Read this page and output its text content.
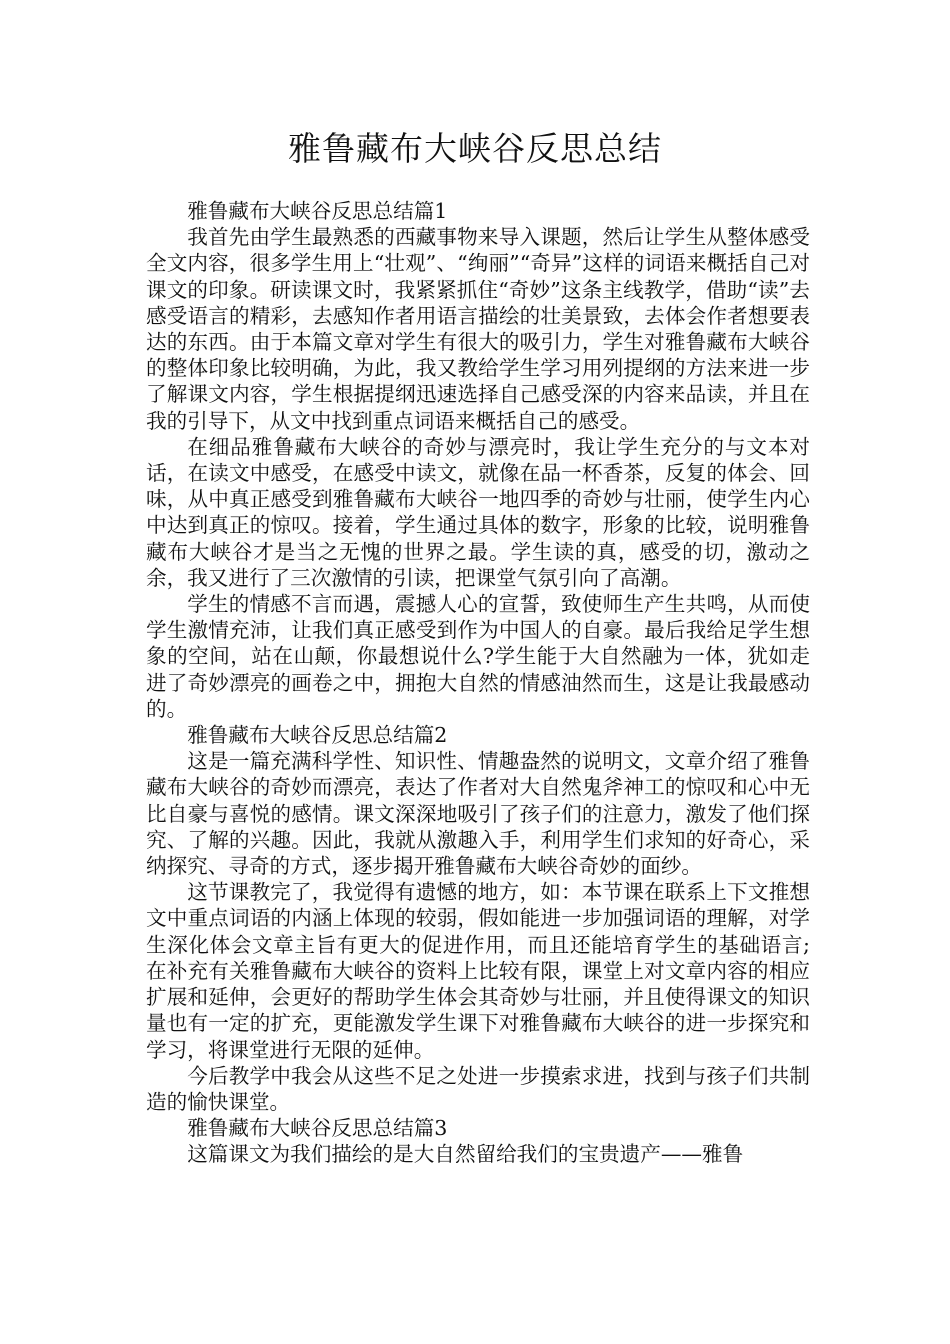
雅鲁藏布大峡谷反思总结

雅鲁藏布大峡谷反思总结篇1

我首先由学生最熟悉的西藏事物来导入课题，然后让学生从整体感受全文内容，很多学生用上“壮观”、“绚丽”“奇异”这样的词语来概括自己对课文的印象。研读课文时，我紧紧抓住“奇妙”这条主线教学，借助“读”去感受语言的精彩，去感知作者用语言描绘的壮美景致，去体会作者想要表达的东西。由于本篇文章对学生有很大的吸引力，学生对雅鲁藏布大峡谷的整体印象比较明确，为此，我又教给学生学习用列提纲的方法来进一步了解课文内容，学生根据提纲迅速选择自己感受深的内容来品读，并且在我的引导下，从文中找到重点词语来概括自己的感受。

在细品雅鲁藏布大峡谷的奇妙与漂亮时，我让学生充分的与文本对话，在读文中感受，在感受中读文，就像在品一杯香茶，反复的体会、回味，从中真正感受到雅鲁藏布大峡谷一地四季的奇妙与壮丽，使学生内心中达到真正的惊叹。接着，学生通过具体的数字，形象的比较，说明雅鲁藏布大峡谷才是当之无愧的世界之最。学生读的真，感受的切，激动之余，我又进行了三次激情的引读，把课堂气氛引向了高潮。

学生的情感不言而遇，震撼人心的宣誓，致使师生产生共鸣，从而使学生激情充沛，让我们真正感受到作为中国人的自豪。最后我给足学生想象的空间，站在山颠，你最想说什么?学生能于大自然融为一体，犹如走进了奇妙漂亮的画卷之中，拥抱大自然的情感油然而生，这是让我最感动的。

雅鲁藏布大峡谷反思总结篇2

这是一篇充满科学性、知识性、情趣盎然的说明文，文章介绍了雅鲁藏布大峡谷的奇妙而漂亮，表达了作者对大自然鬼斧神工的惊叹和心中无比自豪与喜悦的感情。课文深深地吸引了孩子们的注意力，激发了他们探究、了解的兴趣。因此，我就从激趣入手，利用学生们求知的好奇心，采纳探究、寻奇的方式，逐步揭开雅鲁藏布大峡谷奇妙的面纱。

这节课教完了，我觉得有遗憾的地方，如：本节课在联系上下文推想文中重点词语的内涵上体现的较弱，假如能进一步加强词语的理解，对学生深化体会文章主旨有更大的促进作用，而且还能培育学生的基础语言;在补充有关雅鲁藏布大峡谷的资料上比较有限，课堂上对文章内容的相应扩展和延伸，会更好的帮助学生体会其奇妙与壮丽，并且使得课文的知识量也有一定的扩充，更能激发学生课下对雅鲁藏布大峡谷的进一步探究和学习，将课堂进行无限的延伸。

今后教学中我会从这些不足之处进一步摸索求进，找到与孩子们共制造的愉快课堂。

雅鲁藏布大峡谷反思总结篇3

这篇课文为我们描绘的是大自然留给我们的宝贵遗产——雅鲁
